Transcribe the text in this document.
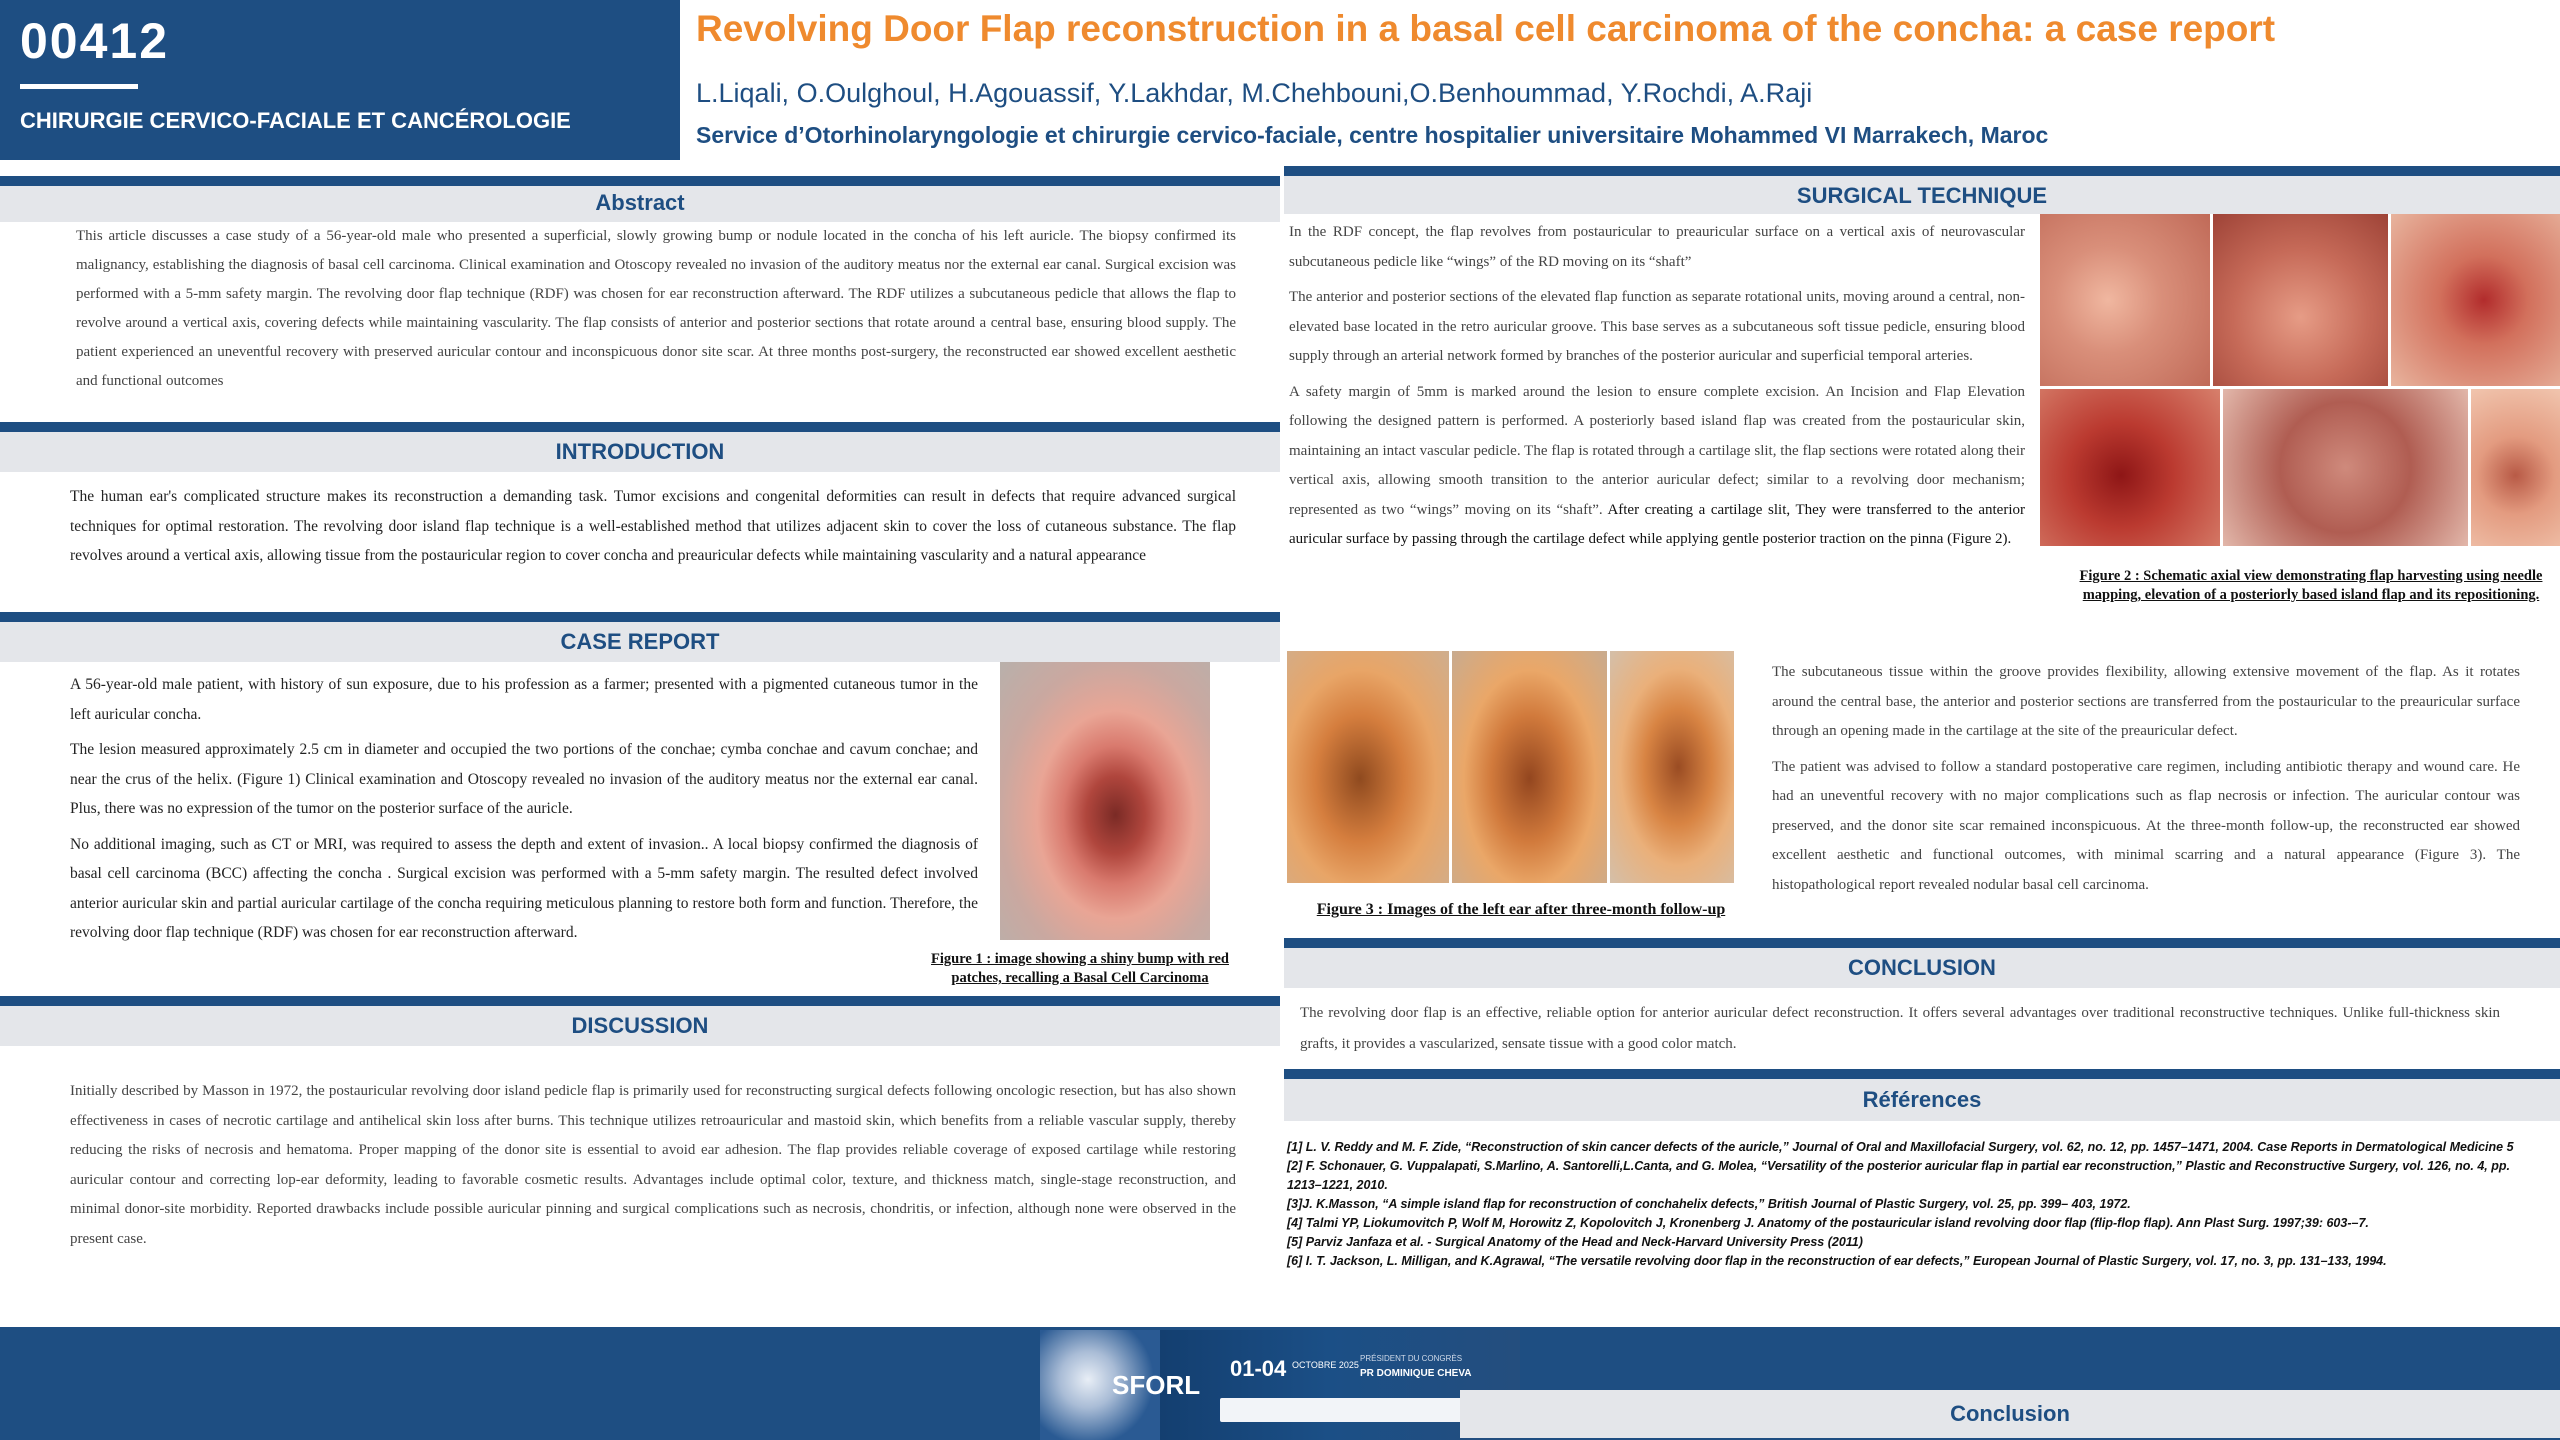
00412
CHIRURGIE CERVICO-FACIALE ET CANCÉROLOGIE
Revolving Door Flap reconstruction in a basal cell carcinoma of the concha: a case report
L.Liqali, O.Oulghoul, H.Agouassif, Y.Lakhdar, M.Chehbouni,O.Benhoummad, Y.Rochdi, A.Raji
Service d’Otorhinolaryngologie et chirurgie cervico-faciale, centre hospitalier universitaire Mohammed VI Marrakech, Maroc
Abstract
This article discusses a case study of a 56-year-old male who presented a superficial, slowly growing bump or nodule located in the concha of his left auricle. The biopsy confirmed its malignancy, establishing the diagnosis of basal cell carcinoma. Clinical examination and Otoscopy revealed no invasion of the auditory meatus nor the external ear canal. Surgical excision was performed with a 5-mm safety margin. The revolving door flap technique (RDF) was chosen for ear reconstruction afterward. The RDF utilizes a subcutaneous pedicle that allows the flap to revolve around a vertical axis, covering defects while maintaining vascularity. The flap consists of anterior and posterior sections that rotate around a central base, ensuring blood supply. The patient experienced an uneventful recovery with preserved auricular contour and inconspicuous donor site scar. At three months post-surgery, the reconstructed ear showed excellent aesthetic and functional outcomes
INTRODUCTION
The human ear's complicated structure makes its reconstruction a demanding task. Tumor excisions and congenital deformities can result in defects that require advanced surgical techniques for optimal restoration. The revolving door island flap technique is a well-established method that utilizes adjacent skin to cover the loss of cutaneous substance. The flap revolves around a vertical axis, allowing tissue from the postauricular region to cover concha and preauricular defects while maintaining vascularity and a natural appearance
CASE REPORT

A 56-year-old male patient, with history of sun exposure, due to his profession as a farmer; presented with a pigmented cutaneous tumor in the left auricular concha.

The lesion measured approximately 2.5 cm in diameter and occupied the two portions of the conchae; cymba conchae and cavum conchae; and near the crus of the helix. (Figure 1) Clinical examination and Otoscopy revealed no invasion of the auditory meatus nor the external ear canal. Plus, there was no expression of the tumor on the posterior surface of the auricle.

No additional imaging, such as CT or MRI, was required to assess the depth and extent of invasion.. A local biopsy confirmed the diagnosis of basal cell carcinoma (BCC) affecting the concha . Surgical excision was performed with a 5-mm safety margin. The resulted defect involved anterior auricular skin and partial auricular cartilage of the concha requiring meticulous planning to restore both form and function. Therefore, the revolving door flap technique (RDF) was chosen for ear reconstruction afterward.

Figure 1 : image showing a shiny bump with red patches, recalling a Basal Cell Carcinoma
DISCUSSION
Initially described by Masson in 1972, the postauricular revolving door island pedicle flap is primarily used for reconstructing surgical defects following oncologic resection, but has also shown effectiveness in cases of necrotic cartilage and antihelical skin loss after burns. This technique utilizes retroauricular and mastoid skin, which benefits from a reliable vascular supply, thereby reducing the risks of necrosis and hematoma. Proper mapping of the donor site is essential to avoid ear adhesion. The flap provides reliable coverage of exposed cartilage while restoring auricular contour and correcting lop-ear deformity, leading to favorable cosmetic results. Advantages include optimal color, texture, and thickness match, single-stage reconstruction, and minimal donor-site morbidity. Reported drawbacks include possible auricular pinning and surgical complications such as necrosis, chondritis, or infection, although none were observed in the present case.
SURGICAL TECHNIQUE

In the RDF concept, the flap revolves from postauricular to preauricular surface on a vertical axis of neurovascular subcutaneous pedicle like “wings” of the RD moving on its “shaft”

The anterior and posterior sections of the elevated flap function as separate rotational units, moving around a central, non-elevated base located in the retro auricular groove. This base serves as a subcutaneous soft tissue pedicle, ensuring blood supply through an arterial network formed by branches of the posterior auricular and superficial temporal arteries.

A safety margin of 5mm is marked around the lesion to ensure complete excision. An Incision and Flap Elevation following the designed pattern is performed. A posteriorly based island flap was created from the postauricular skin, maintaining an intact vascular pedicle. The flap is rotated through a cartilage slit, the flap sections were rotated along their vertical axis, allowing smooth transition to the anterior auricular defect; similar to a revolving door mechanism; represented as two “wings” moving on its “shaft”. After creating a cartilage slit, They were transferred to the anterior auricular surface by passing through the cartilage defect while applying gentle posterior traction on the pinna (Figure 2).

Figure 2 : Schematic axial view demonstrating flap harvesting using needle mapping, elevation of a posteriorly based island flap and its repositioning.
Figure 3 : Images of the left ear after three-month follow-up

The subcutaneous tissue within the groove provides flexibility, allowing extensive movement of the flap. As it rotates around the central base, the anterior and posterior sections are transferred from the postauricular to the preauricular surface through an opening made in the cartilage at the site of the preauricular defect.

The patient was advised to follow a standard postoperative care regimen, including antibiotic therapy and wound care. He had an uneventful recovery with no major complications such as flap necrosis or infection. The auricular contour was preserved, and the donor site scar remained inconspicuous. At the three-month follow-up, the reconstructed ear showed excellent aesthetic and functional outcomes, with minimal scarring and a natural appearance (Figure 3). The histopathological report revealed nodular basal cell carcinoma.

CONCLUSION
The revolving door flap is an effective, reliable option for anterior auricular defect reconstruction. It offers several advantages over traditional reconstructive techniques. Unlike full-thickness skin grafts, it provides a vascularized, sensate tissue with a good color match.
Références
[1] L. V. Reddy and M. F. Zide, “Reconstruction of skin cancer defects of the auricle,” Journal of Oral and Maxillofacial Surgery, vol. 62, no. 12, pp. 1457–1471, 2004. Case Reports in Dermatological Medicine 5
[2] F. Schonauer, G. Vuppalapati, S.Marlino, A. Santorelli,L.Canta, and G. Molea, “Versatility of the posterior auricular flap in partial ear reconstruction,” Plastic and Reconstructive Surgery, vol. 126, no. 4, pp. 1213–1221, 2010.
[3]J. K.Masson, “A simple island flap for reconstruction of conchahelix defects,” British Journal of Plastic Surgery, vol. 25, pp. 399– 403, 1972.
[4] Talmi YP, Liokumovitch P, Wolf M, Horowitz Z, Kopolovitch J, Kronenberg J. Anatomy of the postauricular island revolving door flap (flip-flop flap). Ann Plast Surg. 1997;39: 603-–7.
[5] Parviz Janfaza et al. - Surgical Anatomy of the Head and Neck-Harvard University Press (2011)
[6] I. T. Jackson, L. Milligan, and K.Agrawal, “The versatile revolving door flap in the reconstruction of ear defects,” European Journal of Plastic Surgery, vol. 17, no. 3, pp. 131–133, 1994.
SFORL
01-04 OCTOBRE 2025
PRÉSIDENT DU CONGRÈS
PR DOMINIQUE CHEVA
Conclusion
